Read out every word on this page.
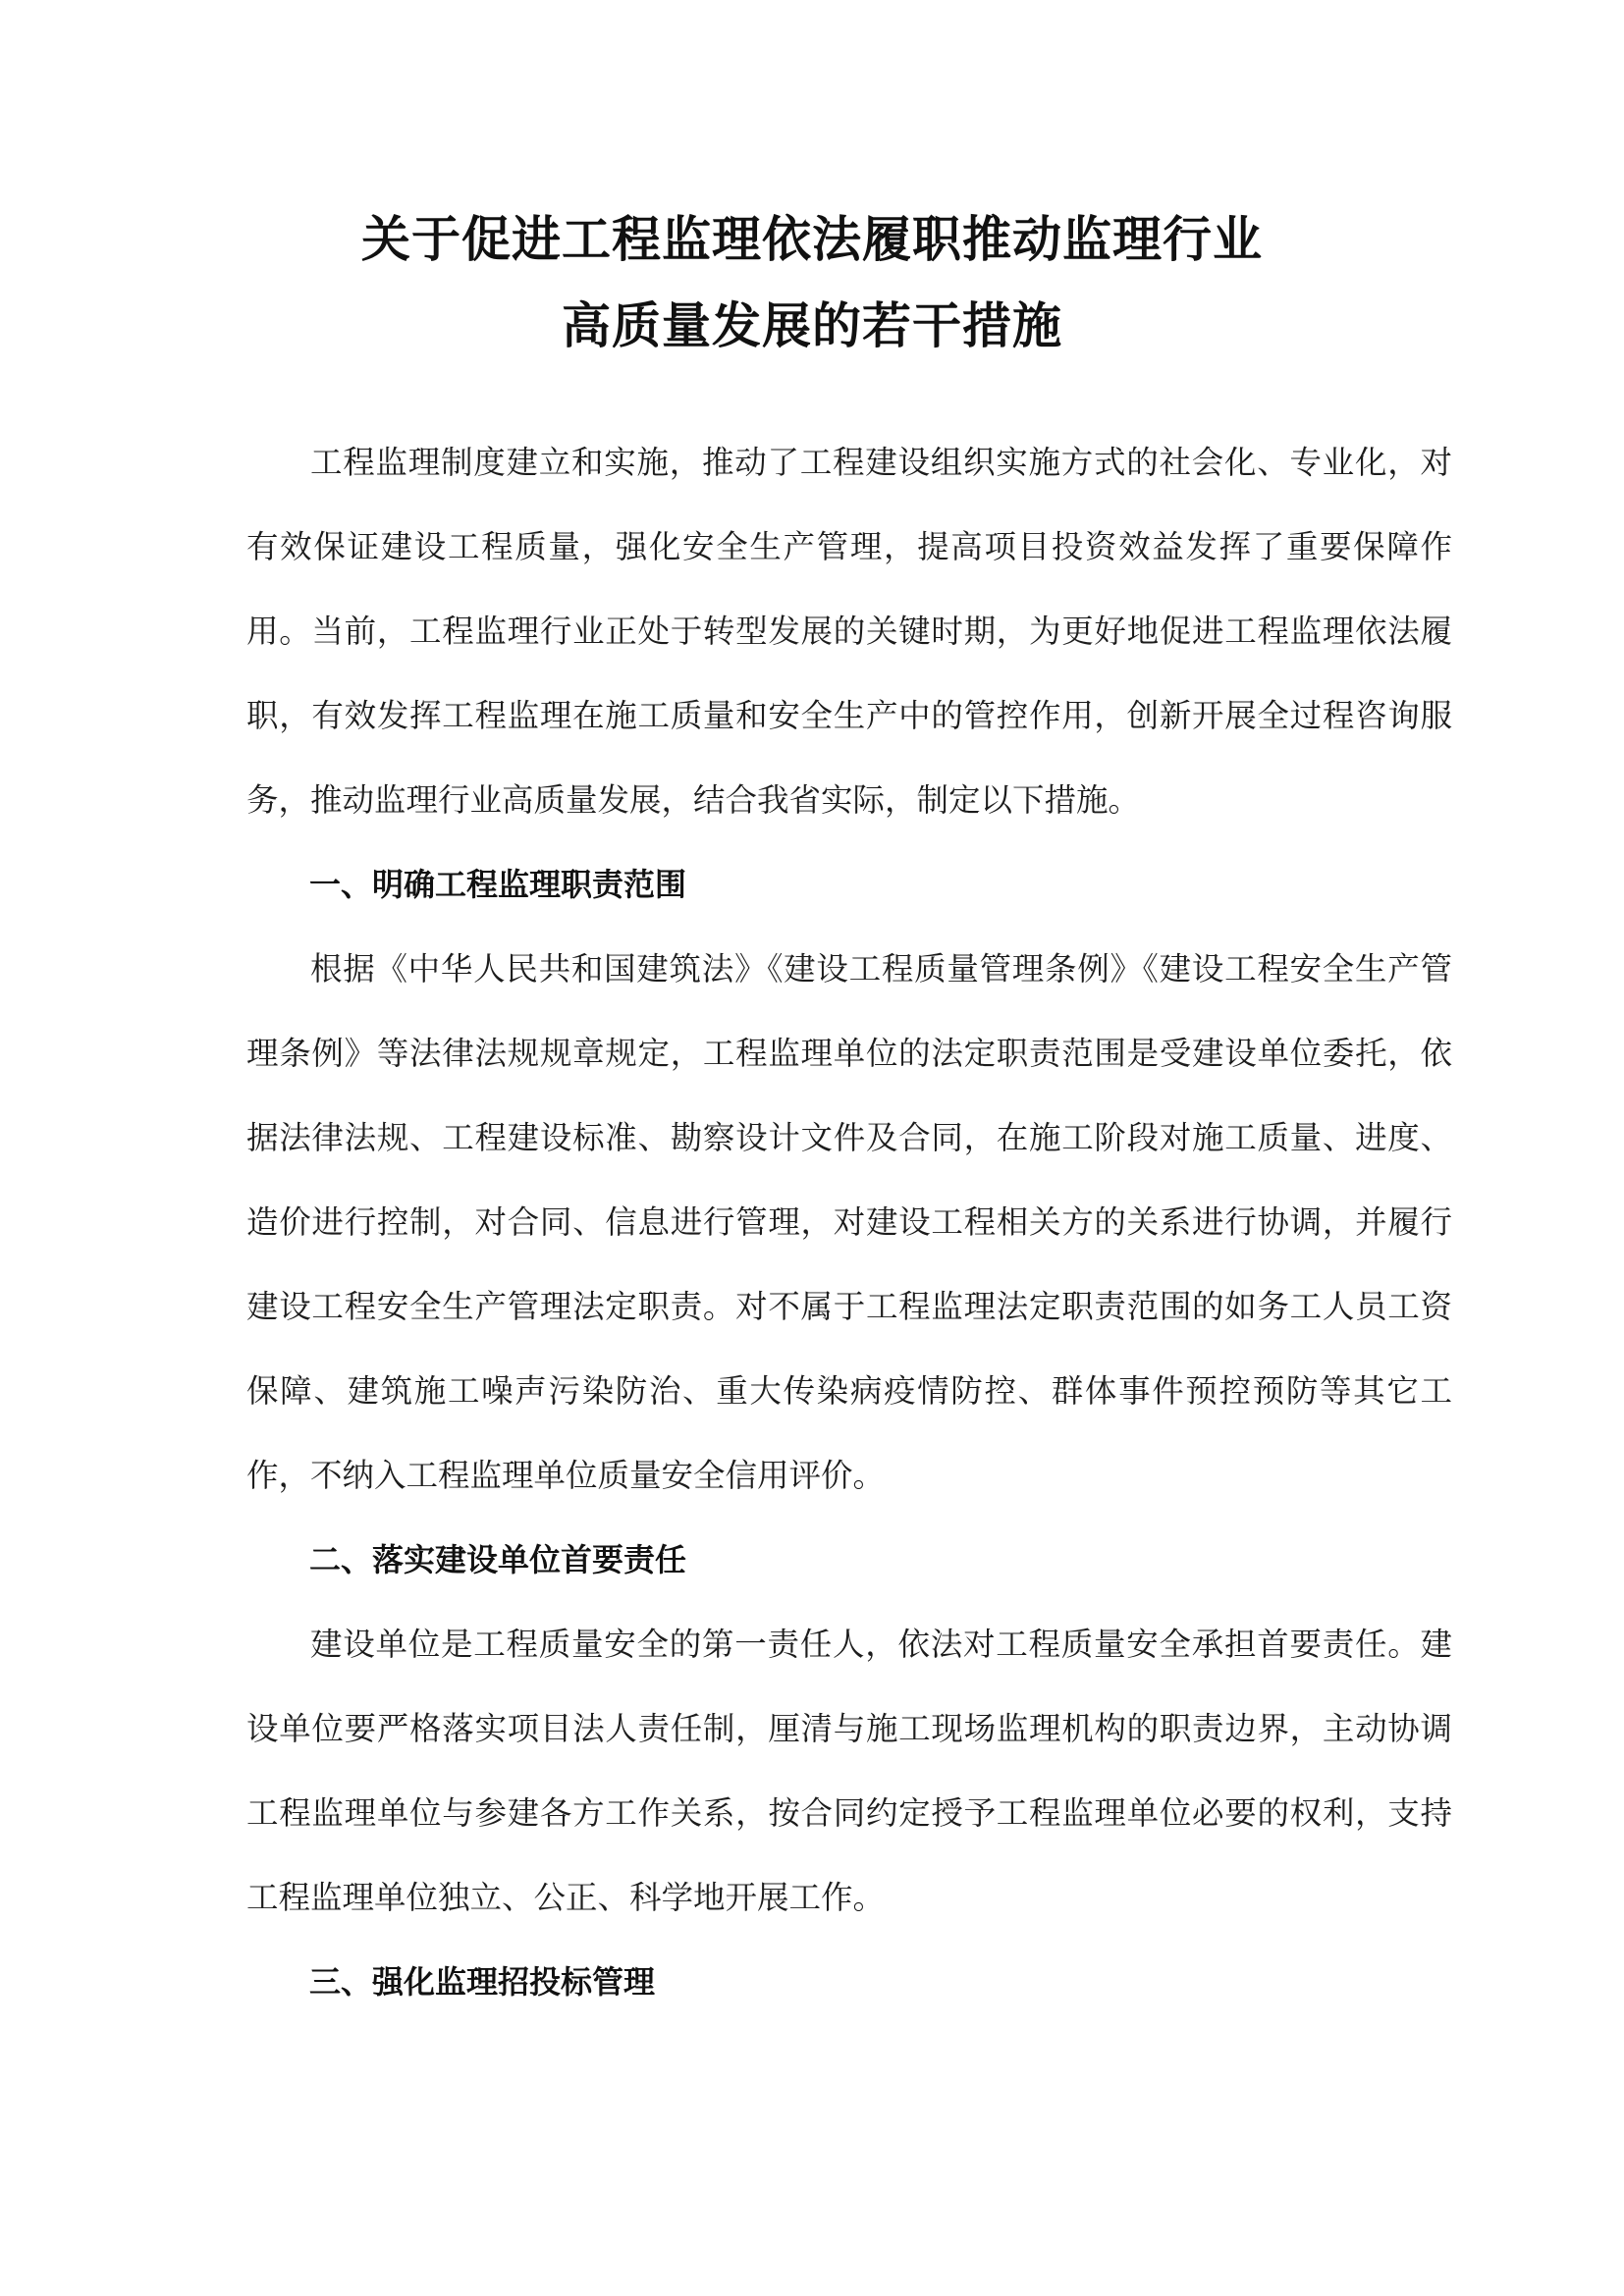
关于促进工程监理依法履职推动监理行业
高质量发展的若干措施

工程监理制度建立和实施，推动了工程建设组织实施方式的社会化、专业化，对有效保证建设工程质量，强化安全生产管理，提高项目投资效益发挥了重要保障作用。当前，工程监理行业正处于转型发展的关键时期，为更好地促进工程监理依法履职，有效发挥工程监理在施工质量和安全生产中的管控作用，创新开展全过程咨询服务，推动监理行业高质量发展，结合我省实际，制定以下措施。

一、明确工程监理职责范围

根据《中华人民共和国建筑法》《建设工程质量管理条例》《建设工程安全生产管理条例》等法律法规规章规定，工程监理单位的法定职责范围是受建设单位委托，依据法律法规、工程建设标准、勘察设计文件及合同，在施工阶段对施工质量、进度、造价进行控制，对合同、信息进行管理，对建设工程相关方的关系进行协调，并履行建设工程安全生产管理法定职责。对不属于工程监理法定职责范围的如务工人员工资保障、建筑施工噪声污染防治、重大传染病疫情防控、群体事件预控预防等其它工作，不纳入工程监理单位质量安全信用评价。

二、落实建设单位首要责任

建设单位是工程质量安全的第一责任人，依法对工程质量安全承担首要责任。建设单位要严格落实项目法人责任制，厘清与施工现场监理机构的职责边界，主动协调工程监理单位与参建各方工作关系，按合同约定授予工程监理单位必要的权利，支持工程监理单位独立、公正、科学地开展工作。

三、强化监理招投标管理
